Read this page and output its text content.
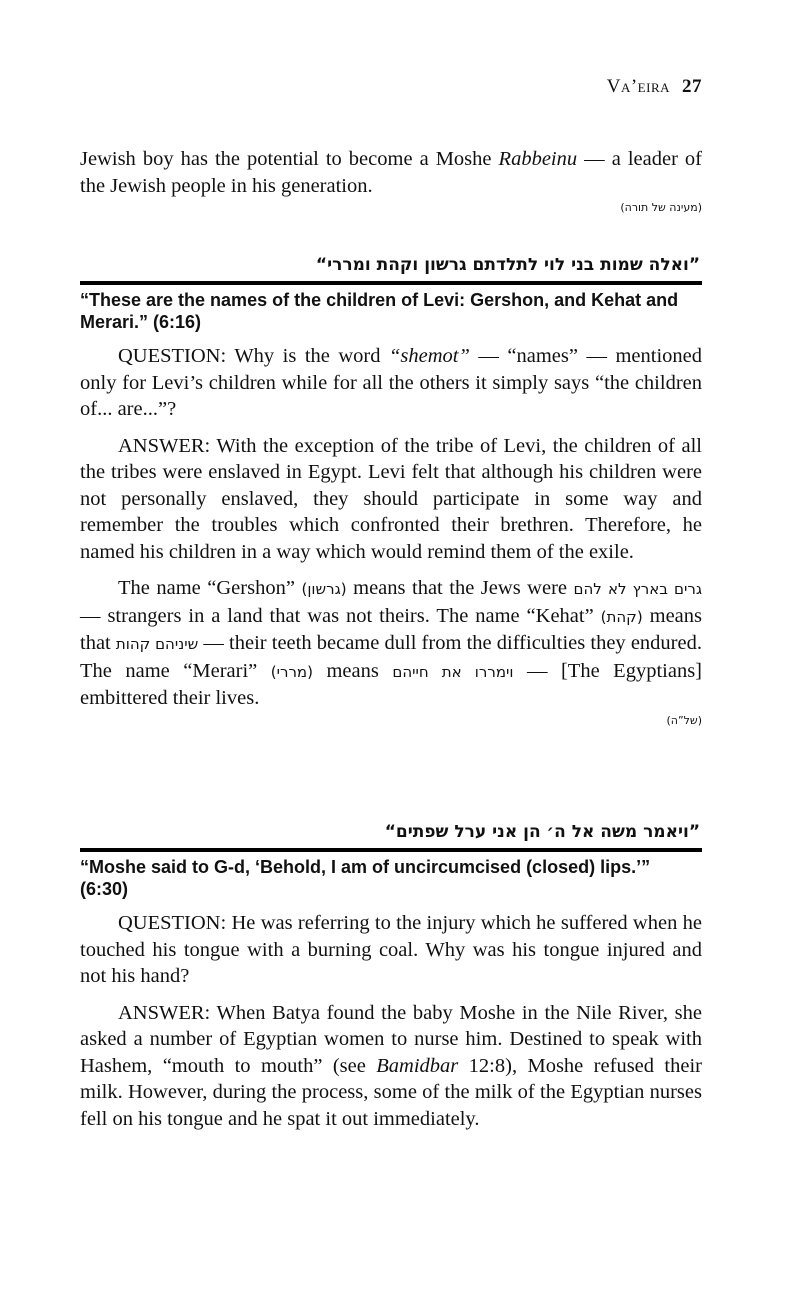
Va’eira 27

Jewish boy has the potential to become a Moshe Rabbeinu — a leader of the Jewish people in his generation.

(מעינה של תורה)
”ואלה שמות בני לוי לתלדתם גרשון וקהת ומררי“
“These are the names of the children of Levi: Gershon, and Kehat and Merari.” (6:16)

QUESTION: Why is the word “shemot” — “names” — mentioned only for Levi’s children while for all the others it simply says “the children of... are...”?

ANSWER: With the exception of the tribe of Levi, the children of all the tribes were enslaved in Egypt. Levi felt that although his children were not personally enslaved, they should participate in some way and remember the troubles which confronted their brethren. Therefore, he named his children in a way which would remind them of the exile.

The name “Gershon” (גרשון) means that the Jews were גרים בארץ לא להם — strangers in a land that was not theirs. The name “Kehat” (קהת) means that שיניהם קהות — their teeth became dull from the difficulties they endured. The name “Merari” (מררי) means וימררו את חייהם — [The Egyptians] embittered their lives.

(של”ה)
”ויאמר משה אל ה׳ הן אני ערל שפתים“
“Moshe said to G-d, ‘Behold, I am of uncircumcised (closed) lips.’” (6:30)

QUESTION: He was referring to the injury which he suffered when he touched his tongue with a burning coal. Why was his tongue injured and not his hand?

ANSWER: When Batya found the baby Moshe in the Nile River, she asked a number of Egyptian women to nurse him. Destined to speak with Hashem, “mouth to mouth” (see Bamidbar 12:8), Moshe refused their milk. However, during the process, some of the milk of the Egyptian nurses fell on his tongue and he spat it out immediately.
